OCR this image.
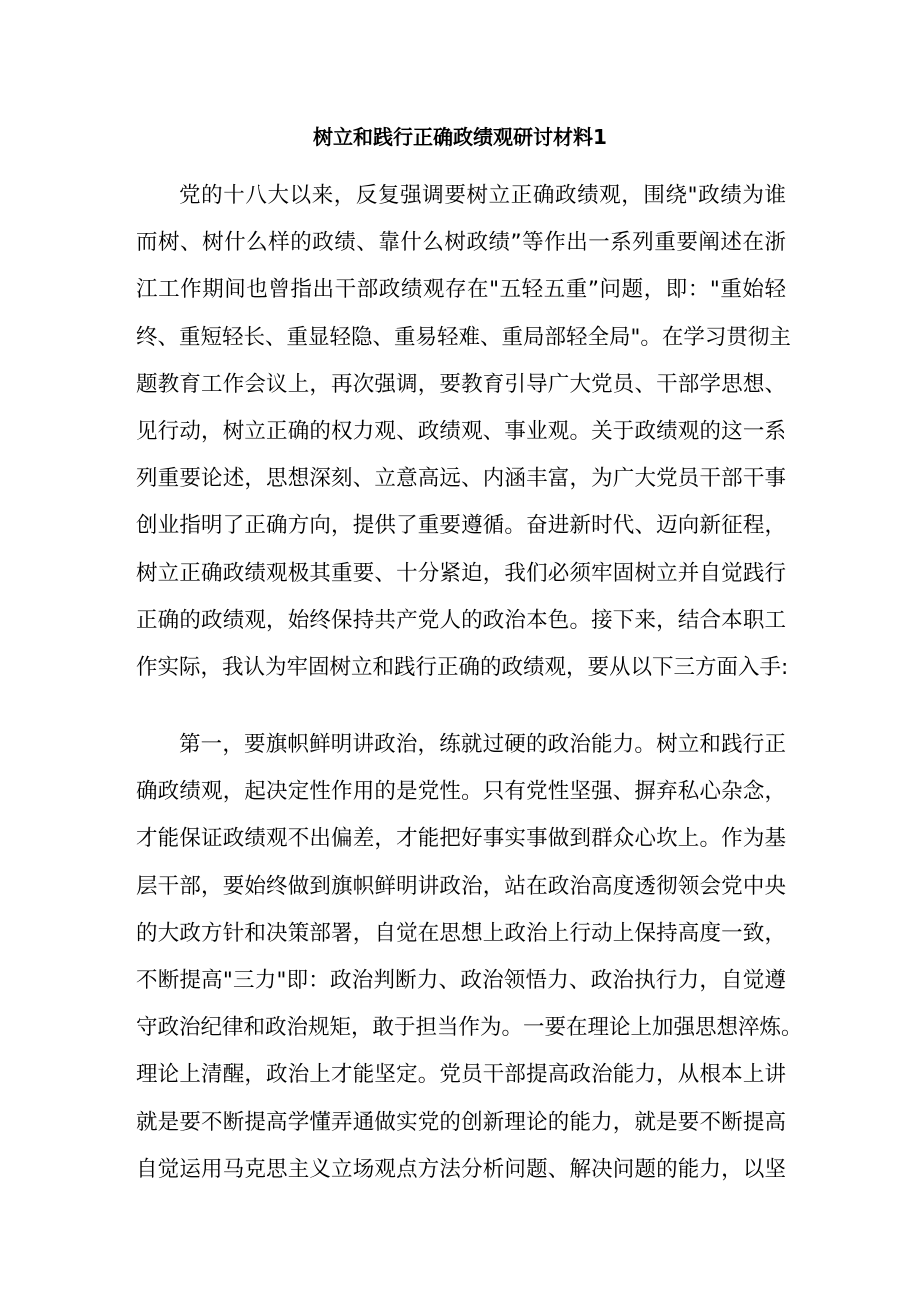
树立和践行正确政绩观研讨材料1
党的十八大以来，反复强调要树立正确政绩观，围绕"政绩为谁
而树、树什么样的政绩、靠什么树政绩”等作出一系列重要阐述在浙
江工作期间也曾指出干部政绩观存在"五轻五重”问题，即："重始轻
终、重短轻长、重显轻隐、重易轻难、重局部轻全局"。在学习贯彻主
题教育工作会议上，再次强调，要教育引导广大党员、干部学思想、
见行动，树立正确的权力观、政绩观、事业观。关于政绩观的这一系
列重要论述，思想深刻、立意高远、内涵丰富，为广大党员干部干事
创业指明了正确方向，提供了重要遵循。奋进新时代、迈向新征程，
树立正确政绩观极其重要、十分紧迫，我们必须牢固树立并自觉践行
正确的政绩观，始终保持共产党人的政治本色。接下来，结合本职工
作实际，我认为牢固树立和践行正确的政绩观，要从以下三方面入手:
第一，要旗帜鲜明讲政治，练就过硬的政治能力。树立和践行正
确政绩观，起决定性作用的是党性。只有党性坚强、摒弃私心杂念，
才能保证政绩观不出偏差，才能把好事实事做到群众心坎上。作为基
层干部，要始终做到旗帜鲜明讲政治，站在政治高度透彻领会党中央
的大政方针和决策部署，自觉在思想上政治上行动上保持高度一致，
不断提高"三力"即：政治判断力、政治领悟力、政治执行力，自觉遵
守政治纪律和政治规矩，敢于担当作为。一要在理论上加强思想淬炼。
理论上清醒，政治上才能坚定。党员干部提高政治能力，从根本上讲
就是要不断提高学懂弄通做实党的创新理论的能力，就是要不断提高
自觉运用马克思主义立场观点方法分析问题、解决问题的能力，以坚
